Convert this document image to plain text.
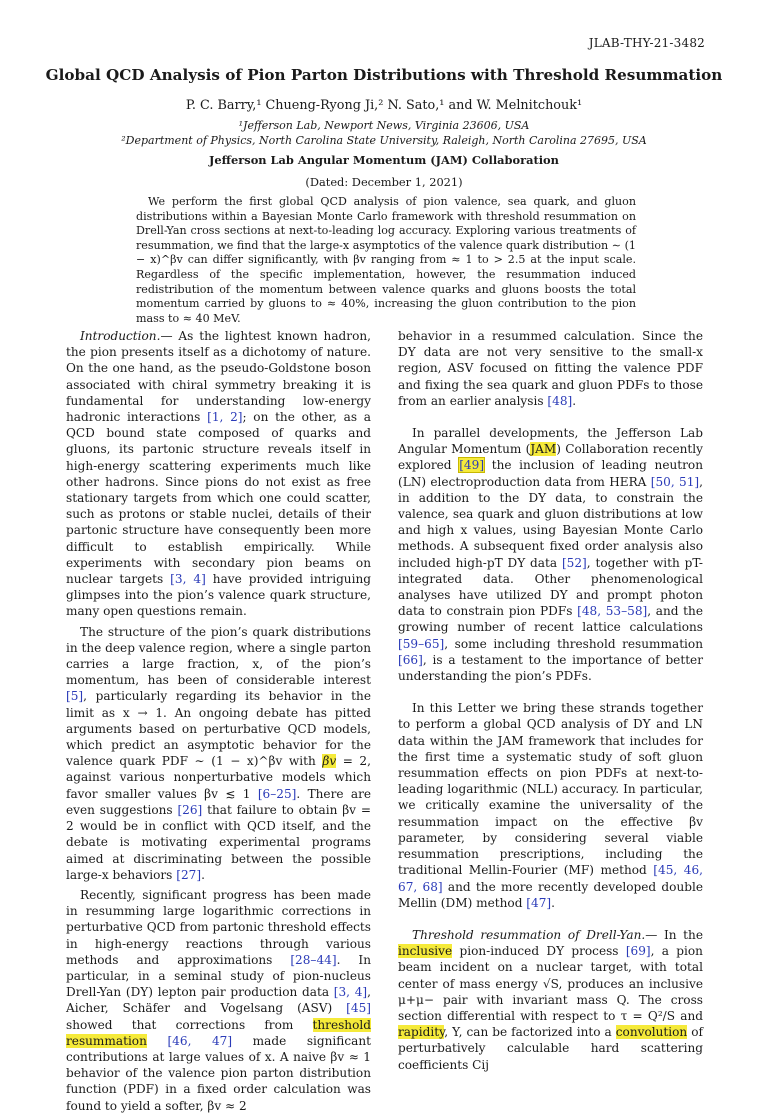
JLAB-THY-21-3482
Global QCD Analysis of Pion Parton Distributions with Threshold Resummation
P. C. Barry,¹ Chueng-Ryong Ji,² N. Sato,¹ and W. Melnitchouk¹
¹Jefferson Lab, Newport News, Virginia 23606, USA
²Department of Physics, North Carolina State University, Raleigh, North Carolina 27695, USA
Jefferson Lab Angular Momentum (JAM) Collaboration
(Dated: December 1, 2021)
We perform the first global QCD analysis of pion valence, sea quark, and gluon distributions within a Bayesian Monte Carlo framework with threshold resummation on Drell-Yan cross sections at next-to-leading log accuracy. Exploring various treatments of resummation, we find that the large-x asymptotics of the valence quark distribution ∼ (1 − x)^βv can differ significantly, with βv ranging from ≈ 1 to > 2.5 at the input scale. Regardless of the specific implementation, however, the resummation induced redistribution of the momentum between valence quarks and gluons boosts the total momentum carried by gluons to ≈ 40%, increasing the gluon contribution to the pion mass to ≈ 40 MeV.

Introduction.— As the lightest known hadron, the pion presents itself as a dichotomy of nature. On the one hand, as the pseudo-Goldstone boson associated with chiral symmetry breaking it is fundamental for understanding low-energy hadronic interactions [1, 2]; on the other, as a QCD bound state composed of quarks and gluons, its partonic structure reveals itself in high-energy scattering experiments much like other hadrons. Since pions do not exist as free stationary targets from which one could scatter, such as protons or stable nuclei, details of their partonic structure have consequently been more difficult to establish empirically. While experiments with secondary pion beams on nuclear targets [3, 4] have provided intriguing glimpses into the pion’s valence quark structure, many open questions remain.

The structure of the pion’s quark distributions in the deep valence region, where a single parton carries a large fraction, x, of the pion’s momentum, has been of considerable interest [5], particularly regarding its behavior in the limit as x → 1. An ongoing debate has pitted arguments based on perturbative QCD models, which predict an asymptotic behavior for the valence quark PDF ∼ (1 − x)^βv with βv = 2, against various nonperturbative models which favor smaller values βv ≲ 1 [6–25]. There are even suggestions [26] that failure to obtain βv = 2 would be in conflict with QCD itself, and the debate is motivating experimental programs aimed at discriminating between the possible large-x behaviors [27].

Recently, significant progress has been made in resumming large logarithmic corrections in perturbative QCD from partonic threshold effects in high-energy reactions through various methods and approximations [28–44]. In particular, in a seminal study of pion-nucleus Drell-Yan (DY) lepton pair production data [3, 4], Aicher, Schäfer and Vogelsang (ASV) [45] showed that corrections from threshold resummation [46, 47] made significant contributions at large values of x. A naive βv ≈ 1 behavior of the valence pion parton distribution function (PDF) in a fixed order calculation was found to yield a softer, βv ≈ 2

behavior in a resummed calculation. Since the DY data are not very sensitive to the small-x region, ASV focused on fitting the valence PDF and fixing the sea quark and gluon PDFs to those from an earlier analysis [48].

In parallel developments, the Jefferson Lab Angular Momentum (JAM) Collaboration recently explored [49] the inclusion of leading neutron (LN) electroproduction data from HERA [50, 51], in addition to the DY data, to constrain the valence, sea quark and gluon distributions at low and high x values, using Bayesian Monte Carlo methods. A subsequent fixed order analysis also included high-pT DY data [52], together with pT-integrated data. Other phenomenological analyses have utilized DY and prompt photon data to constrain pion PDFs [48, 53–58], and the growing number of recent lattice calculations [59–65], some including threshold resummation [66], is a testament to the importance of better understanding the pion’s PDFs.

In this Letter we bring these strands together to perform a global QCD analysis of DY and LN data within the JAM framework that includes for the first time a systematic study of soft gluon resummation effects on pion PDFs at next-to-leading logarithmic (NLL) accuracy. In particular, we critically examine the universality of the resummation impact on the effective βv parameter, by considering several viable resummation prescriptions, including the traditional Mellin-Fourier (MF) method [45, 46, 67, 68] and the more recently developed double Mellin (DM) method [47].

Threshold resummation of Drell-Yan.— In the inclusive pion-induced DY process [69], a pion beam incident on a nuclear target, with total center of mass energy √S, produces an inclusive μ+μ− pair with invariant mass Q. The cross section differential with respect to τ = Q²/S and rapidity, Y, can be factorized into a convolution of perturbatively calculable hard scattering coefficients Cij
